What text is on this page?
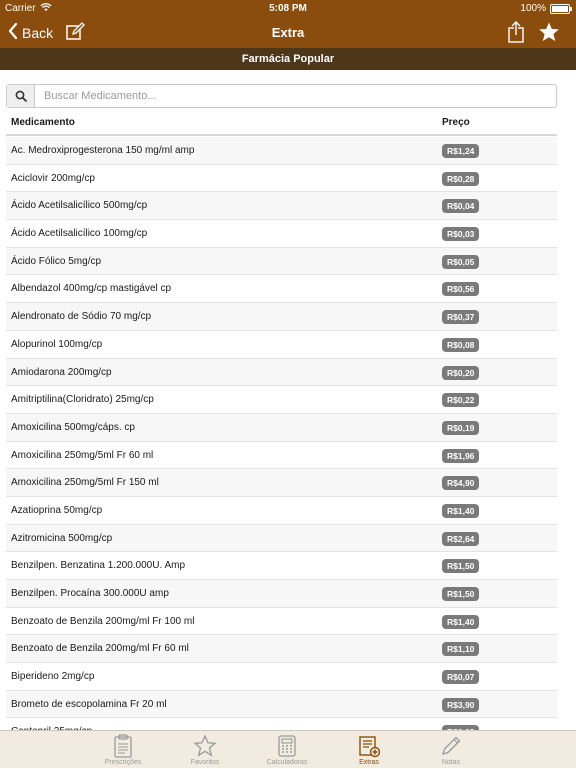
Carrier	5:08 PM	100%
Back	Extra
Farmácia Popular
Buscar Medicamento...
Medicamento	Preço
Ac. Medroxiprogesterona 150 mg/ml amp	R$1,24
Aciclovir 200mg/cp	R$0,28
Ácido Acetilsalicílico 500mg/cp	R$0,04
Ácido Acetilsalicílico 100mg/cp	R$0,03
Ácido Fólico 5mg/cp	R$0,05
Albendazol 400mg/cp mastigável cp	R$0,56
Alendronato de Sódio 70 mg/cp	R$0,37
Alopurinol 100mg/cp	R$0,08
Amiodarona 200mg/cp	R$0,20
Amitriptilina(Cloridrato) 25mg/cp	R$0,22
Amoxicilina 500mg/cáps. cp	R$0,19
Amoxicilina 250mg/5ml Fr 60 ml	R$1,96
Amoxicilina 250mg/5ml Fr 150 ml	R$4,90
Azatioprina 50mg/cp	R$1,40
Azitromicina 500mg/cp	R$2,64
Benzilpen. Benzatina 1.200.000U. Amp	R$1,50
Benzilpen. Procaína 300.000U amp	R$1,50
Benzoato de Benzila 200mg/ml Fr 100 ml	R$1,40
Benzoato de Benzila 200mg/ml Fr 60 ml	R$1,10
Biperideno 2mg/cp	R$0,07
Brometo de escopolamina Fr 20 ml	R$3,90
Prescrições	Favoritos	Calculadoras	Extras	Notas
